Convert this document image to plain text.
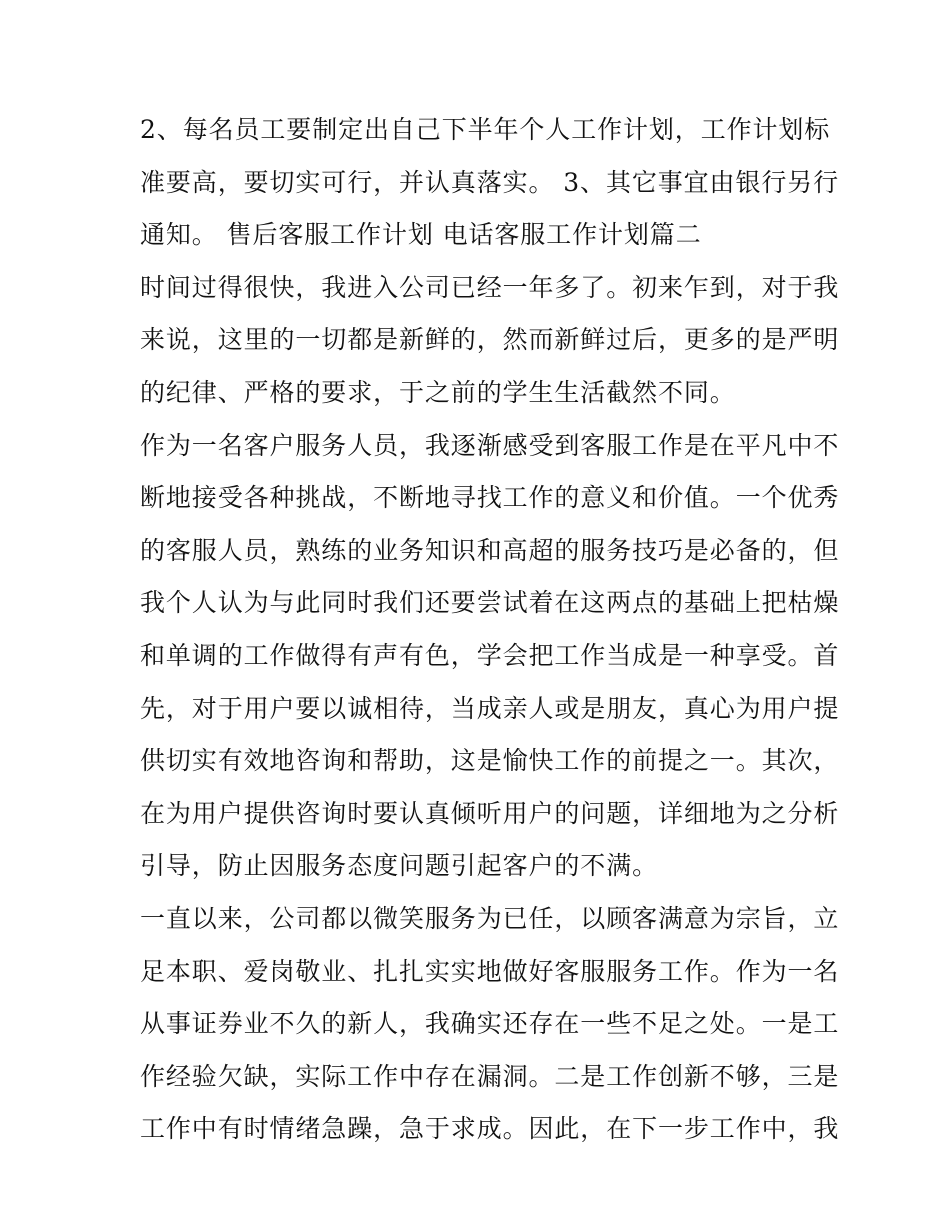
2、每名员工要制定出自己下半年个人工作计划，工作计划标
准要高，要切实可行，并认真落实。 3、其它事宜由银行另行
通知。 售后客服工作计划 电话客服工作计划篇二
时间过得很快，我进入公司已经一年多了。初来乍到，对于我
来说，这里的一切都是新鲜的，然而新鲜过后，更多的是严明
的纪律、严格的要求，于之前的学生生活截然不同。
作为一名客户服务人员，我逐渐感受到客服工作是在平凡中不
断地接受各种挑战，不断地寻找工作的意义和价值。一个优秀
的客服人员，熟练的业务知识和高超的服务技巧是必备的，但
我个人认为与此同时我们还要尝试着在这两点的基础上把枯燥
和单调的工作做得有声有色，学会把工作当成是一种享受。首
先，对于用户要以诚相待，当成亲人或是朋友，真心为用户提
供切实有效地咨询和帮助，这是愉快工作的前提之一。其次，
在为用户提供咨询时要认真倾听用户的问题，详细地为之分析
引导，防止因服务态度问题引起客户的不满。
一直以来，公司都以微笑服务为已任，以顾客满意为宗旨，立
足本职、爱岗敬业、扎扎实实地做好客服服务工作。作为一名
从事证券业不久的新人，我确实还存在一些不足之处。一是工
作经验欠缺，实际工作中存在漏洞。二是工作创新不够，三是
工作中有时情绪急躁，急于求成。因此，在下一步工作中，我
